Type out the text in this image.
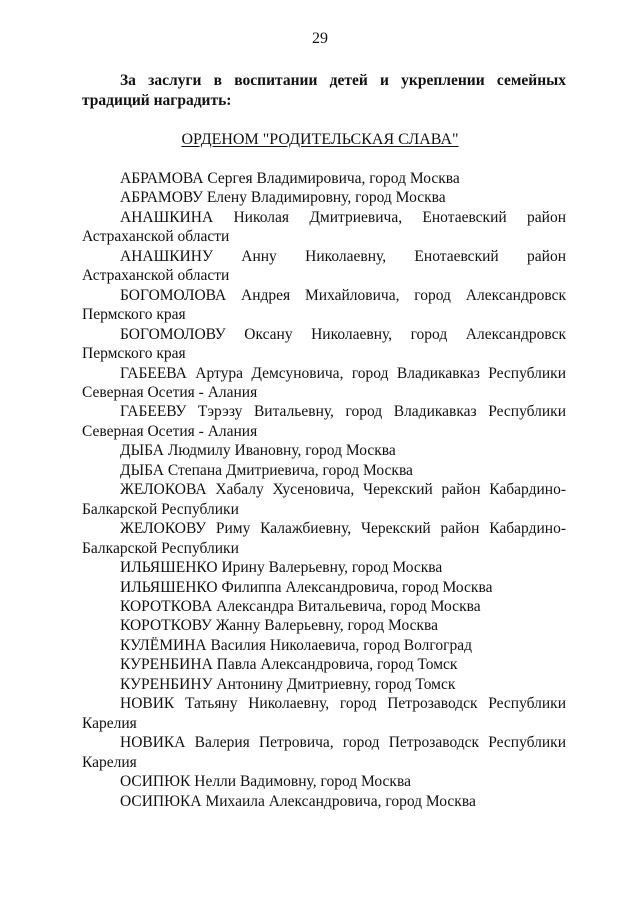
29
За заслуги в воспитании детей и укреплении семейных
традиций наградить:
ОРДЕНОМ "РОДИТЕЛЬСКАЯ СЛАВА"
АБРАМОВА Сергея Владимировича, город Москва
АБРАМОВУ Елену Владимировну, город Москва
АНАШКИНА Николая Дмитриевича, Енотаевский район
Астраханской области
АНАШКИНУ Анну Николаевну, Енотаевский район
Астраханской области
БОГОМОЛОВА Андрея Михайловича, город Александровск
Пермского края
БОГОМОЛОВУ Оксану Николаевну, город Александровск
Пермского края
ГАБЕЕВА Артура Демсуновича, город Владикавказ Республики
Северная Осетия - Алания
ГАБЕЕВУ Тэрэзу Витальевну, город Владикавказ Республики
Северная Осетия - Алания
ДЫБА Людмилу Ивановну, город Москва
ДЫБА Степана Дмитриевича, город Москва
ЖЕЛОКОВА Хабалу Хусеновича, Черекский район Кабардино-
Балкарской Республики
ЖЕЛОКОВУ Риму Калажбиевну, Черекский район Кабардино-
Балкарской Республики
ИЛЬЯШЕНКО Ирину Валерьевну, город Москва
ИЛЬЯШЕНКО Филиппа Александровича, город Москва
КОРОТКОВА Александра Витальевича, город Москва
КОРОТКОВУ Жанну Валерьевну, город Москва
КУЛЁМИНА Василия Николаевича, город Волгоград
КУРЕНБИНА Павла Александровича, город Томск
КУРЕНБИНУ Антонину Дмитриевну, город Томск
НОВИК Татьяну Николаевну, город Петрозаводск Республики
Карелия
НОВИКА Валерия Петровича, город Петрозаводск Республики
Карелия
ОСИПЮК Нелли Вадимовну, город Москва
ОСИПЮКА Михаила Александровича, город Москва
